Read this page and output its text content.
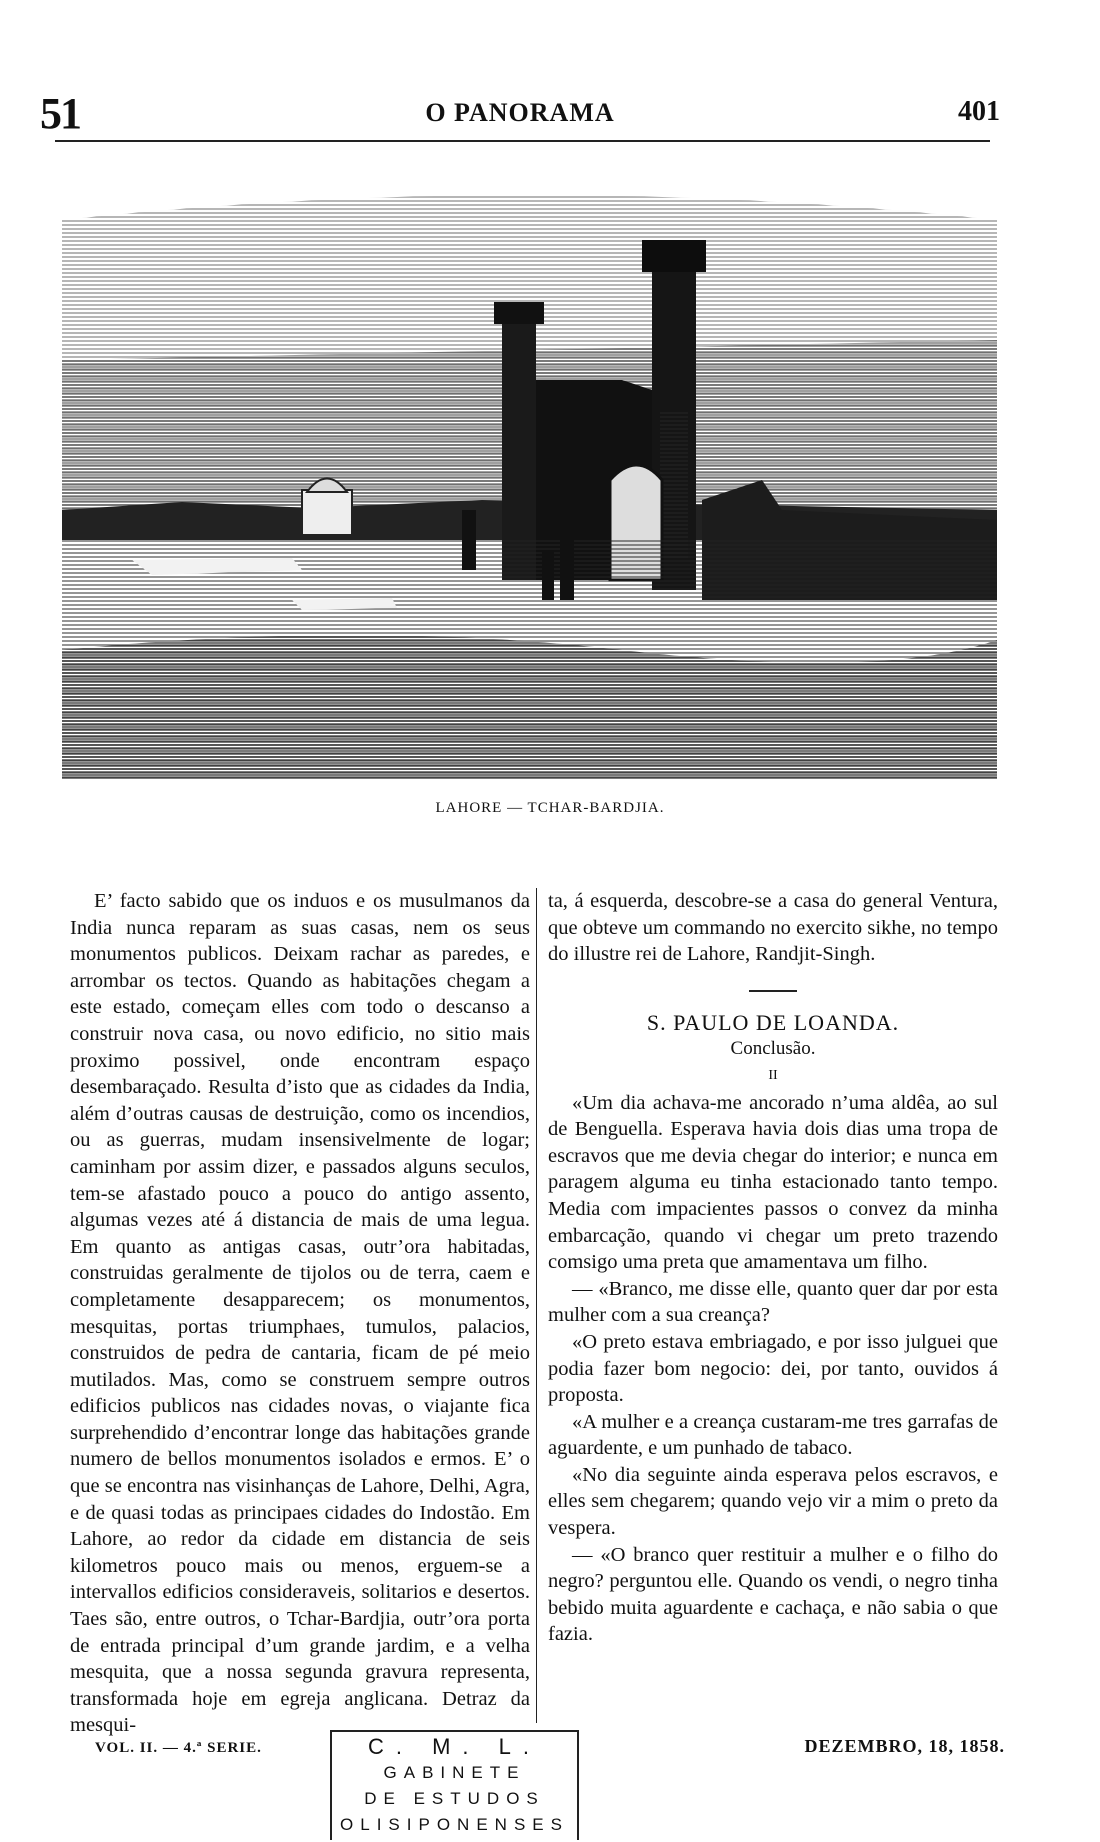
51	O PANORAMA	401
LAHORE — TCHAR-BARDJIA.

E’ facto sabido que os induos e os musulmanos da India nunca reparam as suas casas, nem os seus monumentos publicos. Deixam rachar as paredes, e arrombar os tectos. Quando as habitações chegam a este estado, começam elles com todo o descanso a construir nova casa, ou novo edificio, no sitio mais proximo possivel, onde encontram espaço desembaraçado. Resulta d’isto que as cidades da India, além d’outras causas de destruição, como os incendios, ou as guerras, mudam insensivelmente de logar; caminham por assim dizer, e passados alguns seculos, tem-se afastado pouco a pouco do antigo assento, algumas vezes até á distancia de mais de uma legua. Em quanto as antigas casas, outr’ora habitadas, construidas geralmente de tijolos ou de terra, caem e completamente desapparecem; os monumentos, mesquitas, portas triumphaes, tumulos, palacios, construidos de pedra de cantaria, ficam de pé meio mutilados. Mas, como se construem sempre outros edificios publicos nas cidades novas, o viajante fica surprehendido d’encontrar longe das habitações grande numero de bellos monumentos isolados e ermos. E’ o que se encontra nas visinhanças de Lahore, Delhi, Agra, e de quasi todas as principaes cidades do Indostão. Em Lahore, ao redor da cidade em distancia de seis kilometros pouco mais ou menos, erguem-se a intervallos edificios consideraveis, solitarios e desertos. Taes são, entre outros, o Tchar-Bardjia, outr’ora porta de entrada principal d’um grande jardim, e a velha mesquita, que a nossa segunda gravura representa, transformada hoje em egreja anglicana. Detraz da mesqui-

ta, á esquerda, descobre-se a casa do general Ventura, que obteve um commando no exercito sikhe, no tempo do illustre rei de Lahore, Randjit-Singh.

S. PAULO DE LOANDA.

Conclusão.

II

«Um dia achava-me ancorado n’uma aldêa, ao sul de Benguella. Esperava havia dois dias uma tropa de escravos que me devia chegar do interior; e nunca em paragem alguma eu tinha estacionado tanto tempo. Media com impacientes passos o convez da minha embarcação, quando vi chegar um preto trazendo comsigo uma preta que amamentava um filho.

— «Branco, me disse elle, quanto quer dar por esta mulher com a sua creança?

«O preto estava embriagado, e por isso julguei que podia fazer bom negocio: dei, por tanto, ouvidos á proposta.

«A mulher e a creança custaram-me tres garrafas de aguardente, e um punhado de tabaco.

«No dia seguinte ainda esperava pelos escravos, e elles sem chegarem; quando vejo vir a mim o preto da vespera.

— «O branco quer restituir a mulher e o filho do negro? perguntou elle. Quando os vendi, o negro tinha bebido muita aguardente e cachaça, e não sabia o que fazia.

VOL. II. — 4.ª SERIE.	DEZEMBRO, 18, 1858.
C. M. L.
GABINETE
DE ESTUDOS
OLISIPONENSES
